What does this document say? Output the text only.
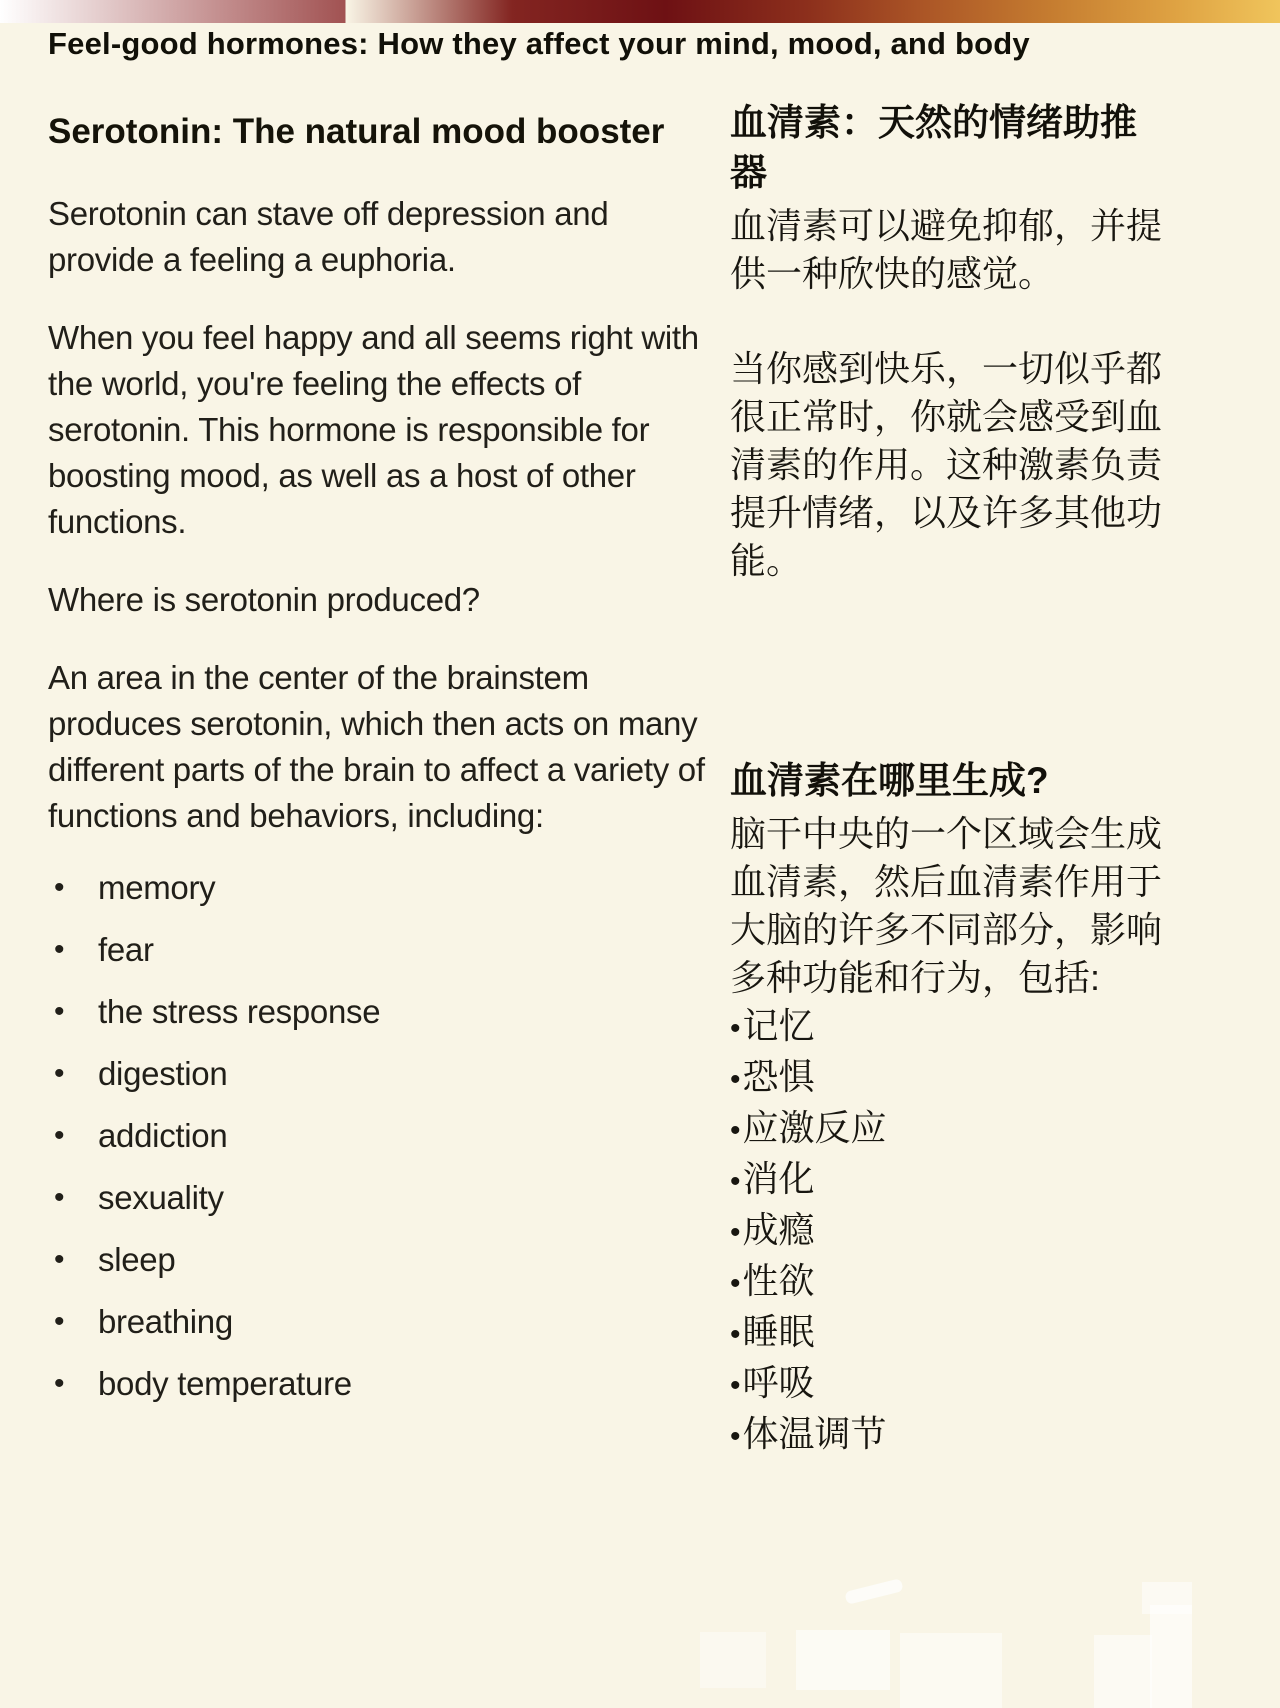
Feel-good hormones: How they affect your mind, mood, and body
Serotonin: The natural mood booster

Serotonin can stave off depression and provide a feeling a euphoria.

When you feel happy and all seems right with the world, you're feeling the effects of serotonin. This hormone is responsible for boosting mood, as well as a host of other functions.

Where is serotonin produced?

An area in the center of the brainstem produces serotonin, which then acts on many different parts of the brain to affect a variety of functions and behaviors, including:

•	memory
•	fear
•	the stress response
•	digestion
•	addiction
•	sexuality
•	sleep
•	breathing
•	body temperature
血清素：天然的情绪助推器

血清素可以避免抑郁，并提供一种欣快的感觉。

当你感到快乐，一切似乎都很正常时，你就会感受到血清素的作用。这种激素负责提升情绪，以及许多其他功能。

血清素在哪里生成?

脑干中央的一个区域会生成血清素，然后血清素作用于大脑的许多不同部分，影响多种功能和行为，包括:

•记忆
•恐惧
•应激反应
•消化
•成瘾
•性欲
•睡眠
•呼吸
•体温调节
